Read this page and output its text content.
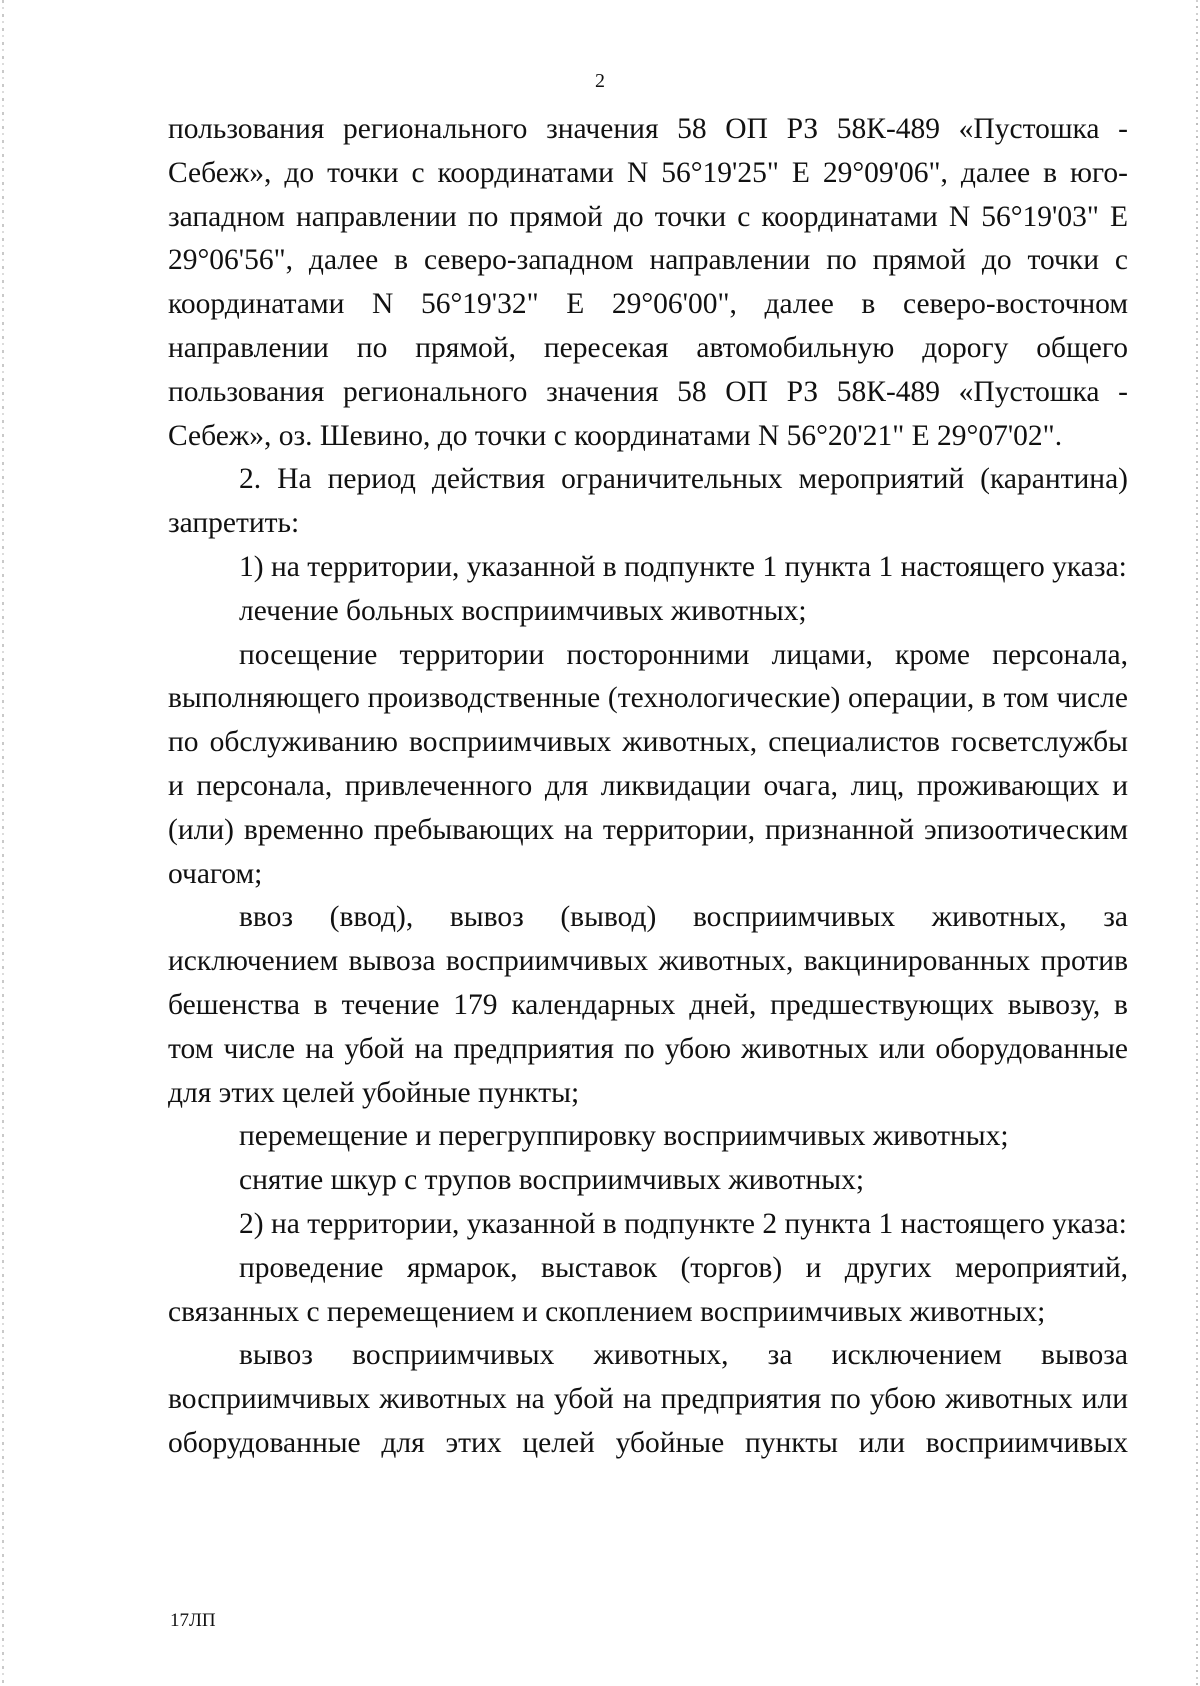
2

пользования регионального значения 58 ОП РЗ 58К-489 «Пустошка - Себеж», до точки с координатами N 56°19'25" E 29°09'06", далее в юго-западном направлении по прямой до точки с координатами N 56°19'03" E 29°06'56", далее в северо-западном направлении по прямой до точки с координатами N 56°19'32" E 29°06'00", далее в северо-восточном направлении по прямой, пересекая автомобильную дорогу общего пользования регионального значения 58 ОП РЗ 58К-489 «Пустошка - Себеж», оз. Шевино, до точки с координатами N 56°20'21" E 29°07'02".

2. На период действия ограничительных мероприятий (карантина) запретить:

1) на территории, указанной в подпункте 1 пункта 1 настоящего указа:

лечение больных восприимчивых животных;

посещение территории посторонними лицами, кроме персонала, выполняющего производственные (технологические) операции, в том числе по обслуживанию восприимчивых животных, специалистов госветслужбы и персонала, привлеченного для ликвидации очага, лиц, проживающих и (или) временно пребывающих на территории, признанной эпизоотическим очагом;

ввоз (ввод), вывоз (вывод) восприимчивых животных, за исключением вывоза восприимчивых животных, вакцинированных против бешенства в течение 179 календарных дней, предшествующих вывозу, в том числе на убой на предприятия по убою животных или оборудованные для этих целей убойные пункты;

перемещение и перегруппировку восприимчивых животных;

снятие шкур с трупов восприимчивых животных;

2) на территории, указанной в подпункте 2 пункта 1 настоящего указа:

проведение ярмарок, выставок (торгов) и других мероприятий, связанных с перемещением и скоплением восприимчивых животных;

вывоз восприимчивых животных, за исключением вывоза восприимчивых животных на убой на предприятия по убою животных или оборудованные для этих целей убойные пункты или восприимчивых

17ЛП
